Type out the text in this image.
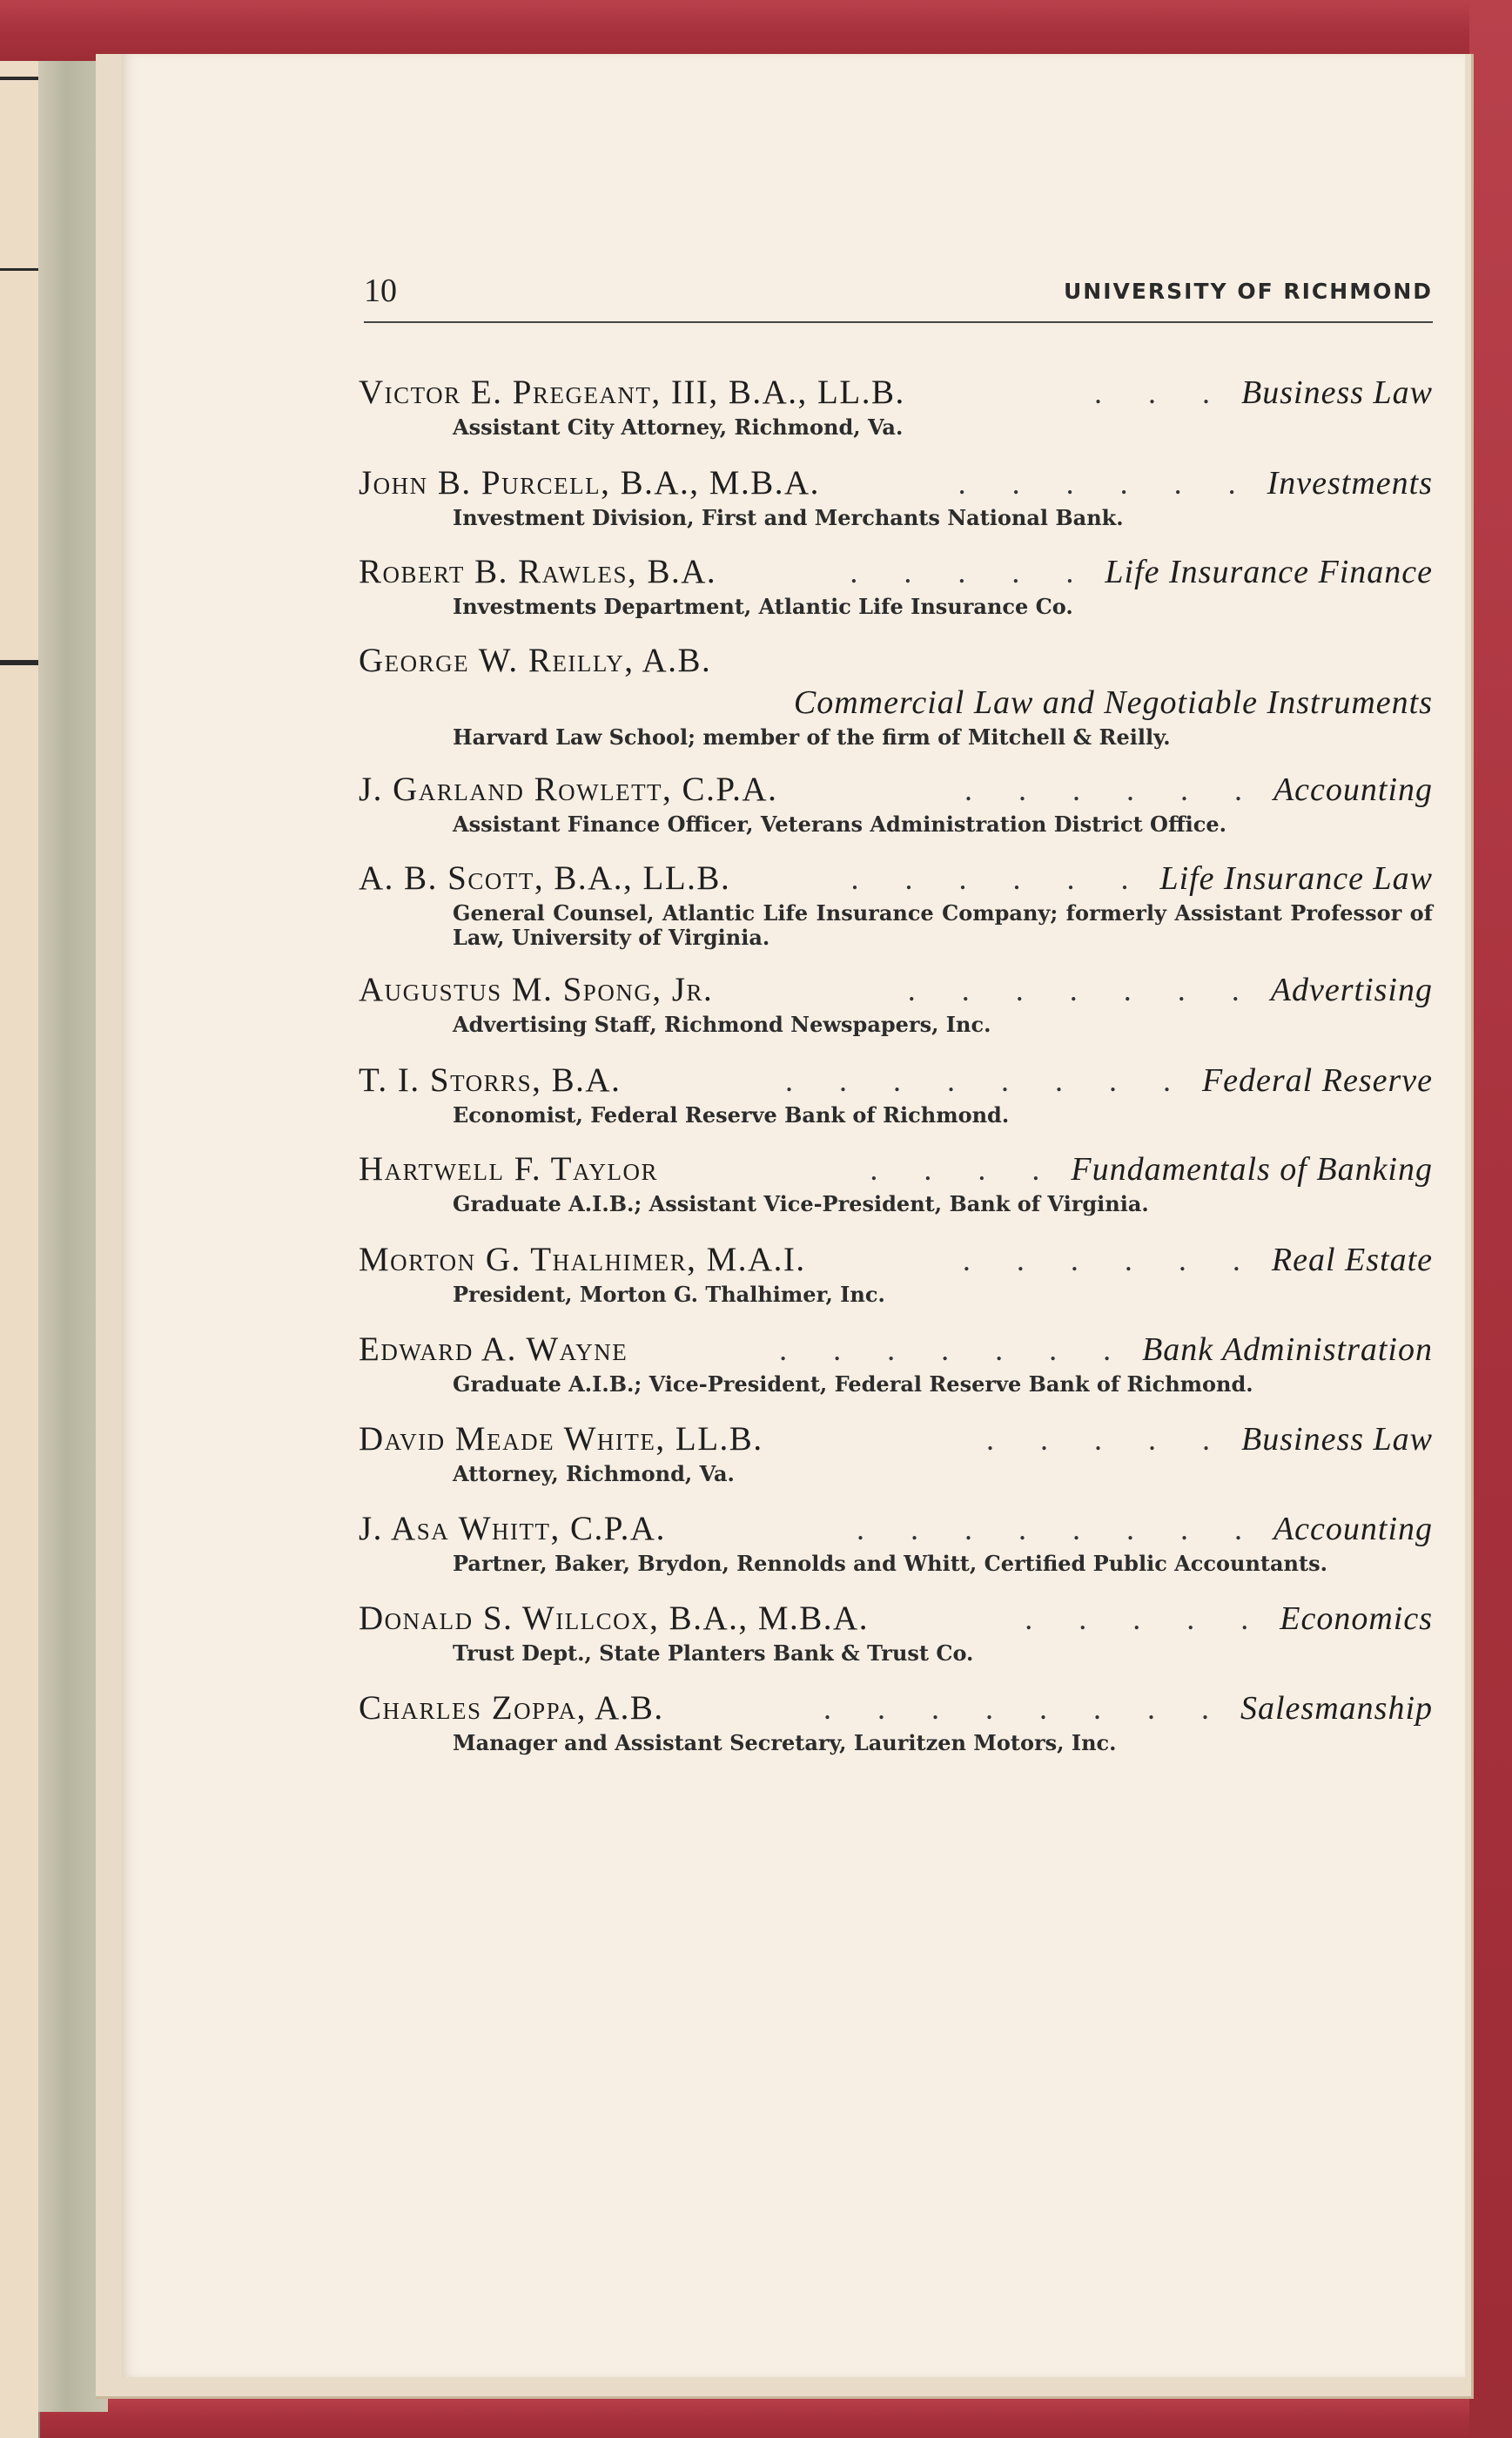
10	UNIVERSITY OF RICHMOND
Victor E. Pregeant, III, B.A., LL.B.	. . . Business Law
Assistant City Attorney, Richmond, Va.
John B. Purcell, B.A., M.B.A.	. . . . . . Investments
Investment Division, First and Merchants National Bank.
Robert B. Rawles, B.A.	. . . . . Life Insurance Finance
Investments Department, Atlantic Life Insurance Co.
George W. Reilly, A.B.
Commercial Law and Negotiable Instruments
Harvard Law School; member of the firm of Mitchell & Reilly.
J. Garland Rowlett, C.P.A.	. . . . . . Accounting
Assistant Finance Officer, Veterans Administration District Office.
A. B. Scott, B.A., LL.B.	. . . . . . Life Insurance Law
General Counsel, Atlantic Life Insurance Company; formerly Assistant Professor of Law, University of Virginia.
Augustus M. Spong, Jr.	. . . . . . . Advertising
Advertising Staff, Richmond Newspapers, Inc.
T. I. Storrs, B.A.	. . . . . . . . Federal Reserve
Economist, Federal Reserve Bank of Richmond.
Hartwell F. Taylor	. . . . Fundamentals of Banking
Graduate A.I.B.; Assistant Vice-President, Bank of Virginia.
Morton G. Thalhimer, M.A.I.	. . . . . . Real Estate
President, Morton G. Thalhimer, Inc.
Edward A. Wayne	. . . . . . . Bank Administration
Graduate A.I.B.; Vice-President, Federal Reserve Bank of Richmond.
David Meade White, LL.B.	. . . . . Business Law
Attorney, Richmond, Va.
J. Asa Whitt, C.P.A.	. . . . . . . . Accounting
Partner, Baker, Brydon, Rennolds and Whitt, Certified Public Accountants.
Donald S. Willcox, B.A., M.B.A.	. . . . . Economics
Trust Dept., State Planters Bank & Trust Co.
Charles Zoppa, A.B.	. . . . . . . . Salesmanship
Manager and Assistant Secretary, Lauritzen Motors, Inc.
